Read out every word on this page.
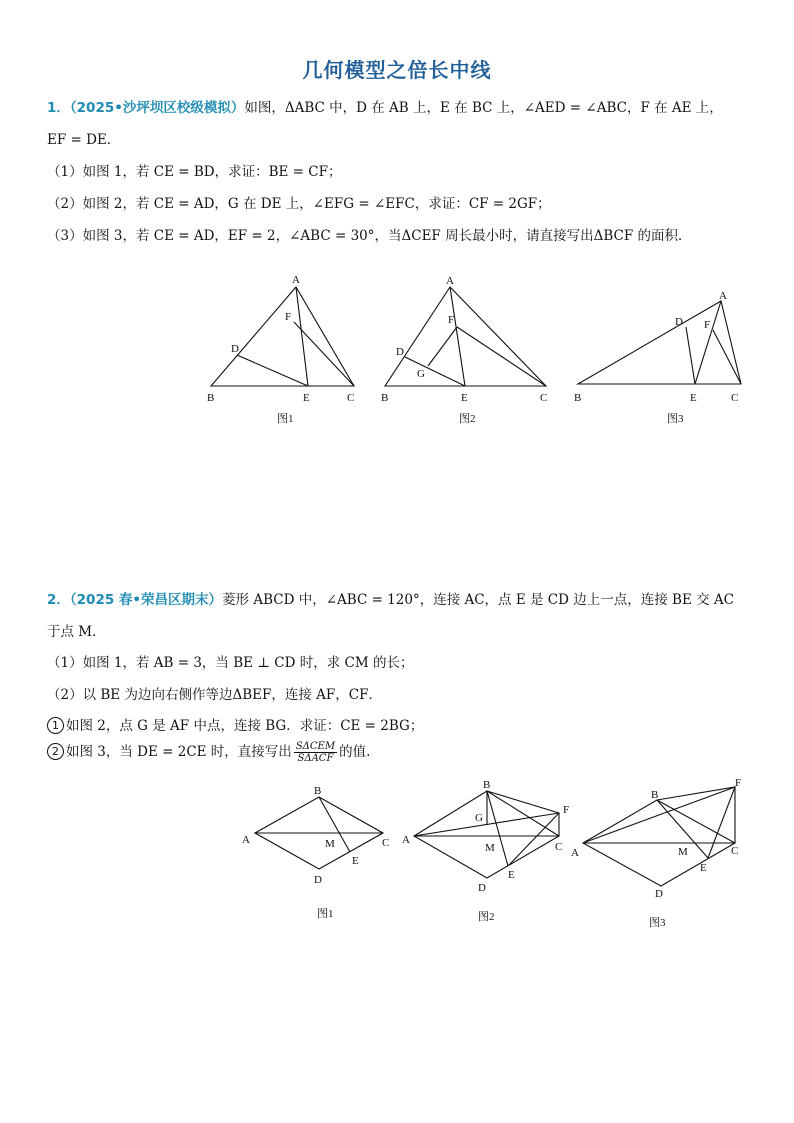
几何模型之倍长中线
1．（2025•沙坪坝区校级模拟）如图，ΔABC 中，D 在 AB 上，E 在 BC 上，∠AED = ∠ABC，F 在 AE 上，
EF = DE．
（1）如图 1，若 CE = BD，求证：BE = CF；
（2）如图 2，若 CE = AD，G 在 DE 上，∠EFG = ∠EFC，求证：CF = 2GF；
（3）如图 3，若 CE = AD，EF = 2，∠ABC = 30°，当ΔCEF 周长最小时，请直接写出ΔBCF 的面积．
2．（2025 春•荣昌区期末）菱形 ABCD 中，∠ABC = 120°，连接 AC，点 E 是 CD 边上一点，连接 BE 交 AC
于点 M．
（1）如图 1，若 AB = 3，当 BE ⊥ CD 时，求 CM 的长；
（2）以 BE 为边向右侧作等边ΔBEF，连接 AF，CF．
1 如图 2，点 G 是 AF 中点，连接 BG．求证：CE = 2BG；
2 如图 3，当 DE = 2CE 时，直接写出 $\frac{\text{SΔCEM}}{\text{SΔACF}}$ 的值.
A
B	C
D
E
F
图1
A
B	C
D
E
F
G
图2
A
B	C
D
E
F
图3
A
B
C
D
E
M
图1
A
B
C
D
E
F
G
M
图2
A
B
C
D
E
F
M
图3
